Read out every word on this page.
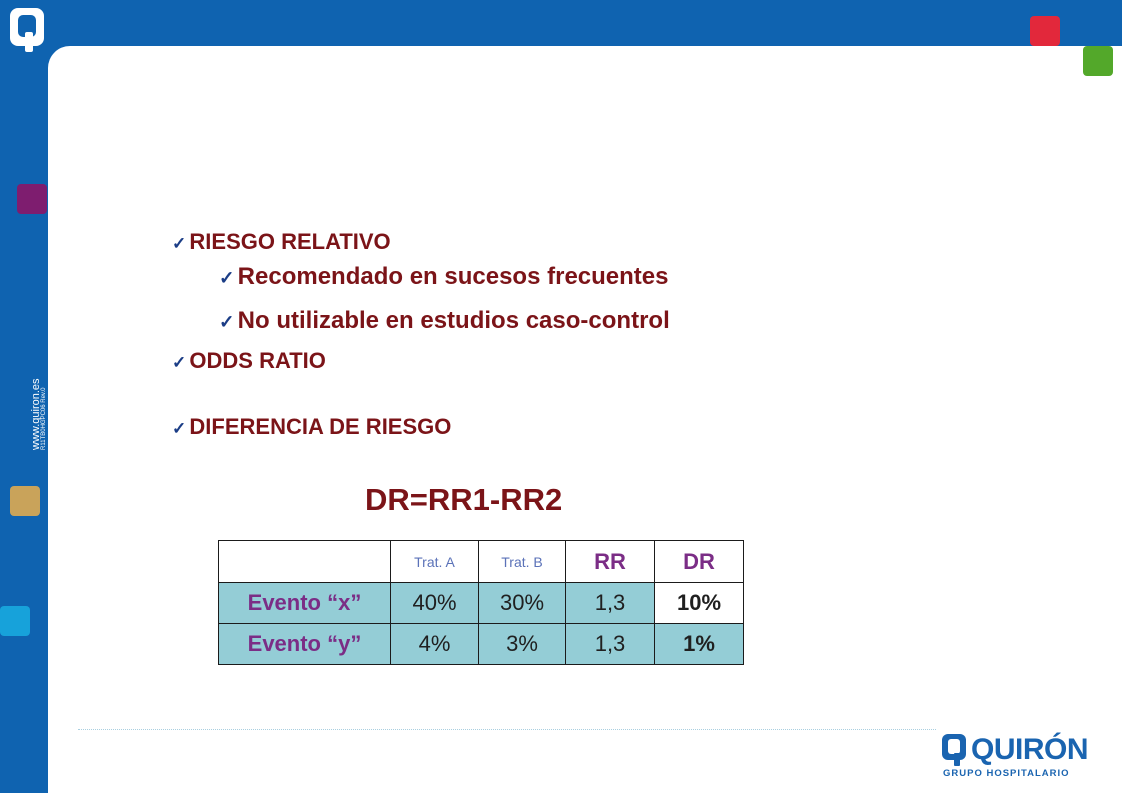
www.quiron.es R11TB0HGPC06 Rev.0
✓ RIESGO RELATIVO
✓ Recomendado en sucesos frecuentes
✓ No utilizable en estudios caso-control
✓ ODDS RATIO
✓ DIFERENCIA DE RIESGO
DR=RR1-RR2
	Trat. A	Trat. B	RR	DR
Evento “x”	40%	30%	1,3	10%
Evento “y”	4%	3%	1,3	1%
QUIRÓN
GRUPO HOSPITALARIO
